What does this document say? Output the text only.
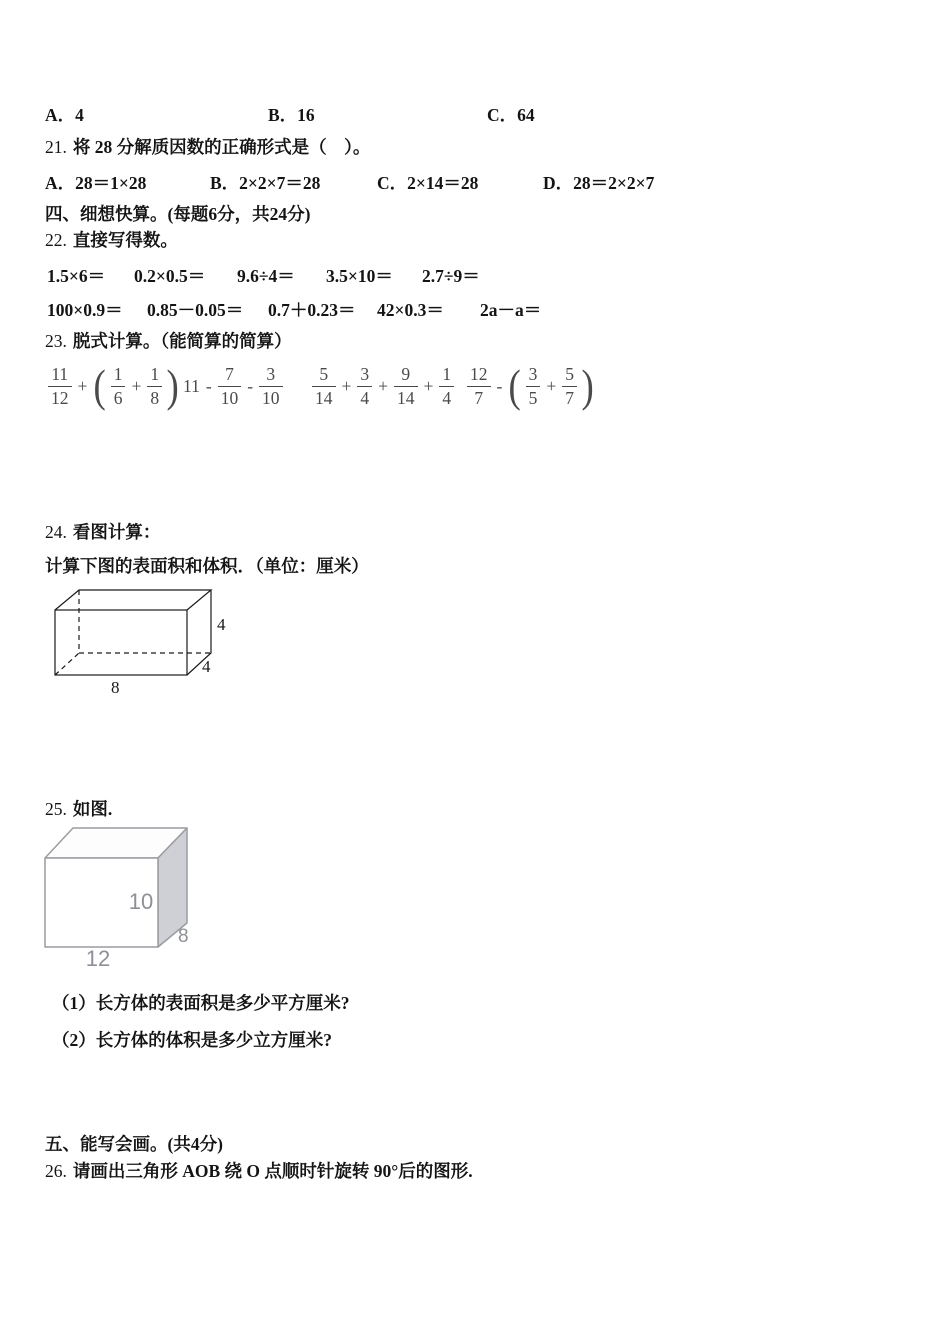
A．4	B．16	C．64
21. 将 28 分解质因数的正确形式是（　）。
A．28＝1×28	B．2×2×7＝28	C．2×14＝28	D．28＝2×2×7
四、细想快算。(每题6分，共24分)
22. 直接写得数。
1.5×6＝ 0.2×0.5＝ 9.6÷4＝ 3.5×10＝ 2.7÷9＝
100×0.9＝ 0.85－0.05＝ 0.7＋0.23＝ 42×0.3＝ 2a－a＝
23. 脱式计算。（能简算的简算）
$\frac{11}{12}$ + ( $\frac{1}{6} + \frac{1}{8}$ ) $11 - \frac{7}{10} - \frac{3}{10} \frac{5}{14} + \frac{3}{4} + \frac{9}{14} + \frac{1}{4} \frac{12}{7}$ - ( $\frac{3}{5} + \frac{5}{7}$ )
24. 看图计算：
计算下图的表面积和体积．（单位：厘米）
4
4
8
25. 如图.
10
8
12
（1）长方体的表面积是多少平方厘米?
（2）长方体的体积是多少立方厘米?
五、能写会画。(共4分)
26. 请画出三角形 AOB 绕 O 点顺时针旋转 90°后的图形.
